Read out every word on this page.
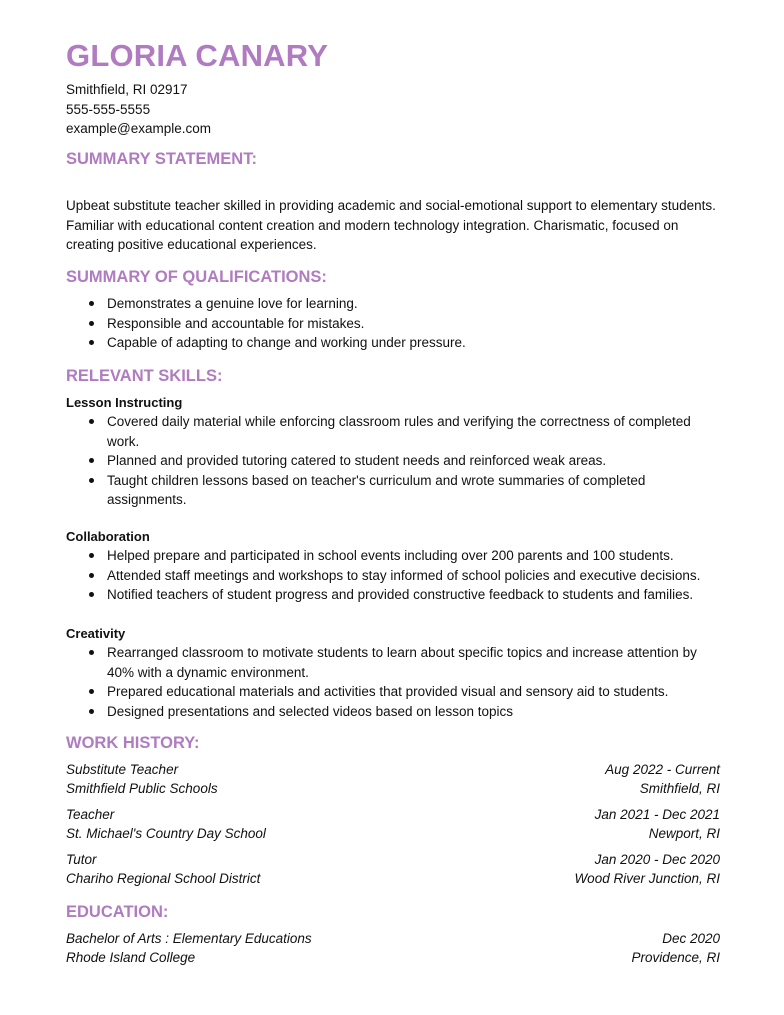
GLORIA CANARY
Smithfield, RI 02917
555-555-5555
example@example.com
SUMMARY STATEMENT:

Upbeat substitute teacher skilled in providing academic and social-emotional support to elementary students. Familiar with educational content creation and modern technology integration. Charismatic, focused on creating positive educational experiences.

SUMMARY OF QUALIFICATIONS:
Demonstrates a genuine love for learning.
Responsible and accountable for mistakes.
Capable of adapting to change and working under pressure.
RELEVANT SKILLS:
Lesson Instructing
Covered daily material while enforcing classroom rules and verifying the correctness of completed work.
Planned and provided tutoring catered to student needs and reinforced weak areas.
Taught children lessons based on teacher's curriculum and wrote summaries of completed assignments.
Collaboration
Helped prepare and participated in school events including over 200 parents and 100 students.
Attended staff meetings and workshops to stay informed of school policies and executive decisions.
Notified teachers of student progress and provided constructive feedback to students and families.
Creativity
Rearranged classroom to motivate students to learn about specific topics and increase attention by 40% with a dynamic environment.
Prepared educational materials and activities that provided visual and sensory aid to students.
Designed presentations and selected videos based on lesson topics
WORK HISTORY:
Substitute Teacher	Aug 2022 - Current
Smithfield Public Schools	Smithfield, RI
Teacher	Jan 2021 - Dec 2021
St. Michael's Country Day School	Newport, RI
Tutor	Jan 2020 - Dec 2020
Chariho Regional School District	Wood River Junction, RI
EDUCATION:
Bachelor of Arts : Elementary Educations	Dec 2020
Rhode Island College	Providence, RI
